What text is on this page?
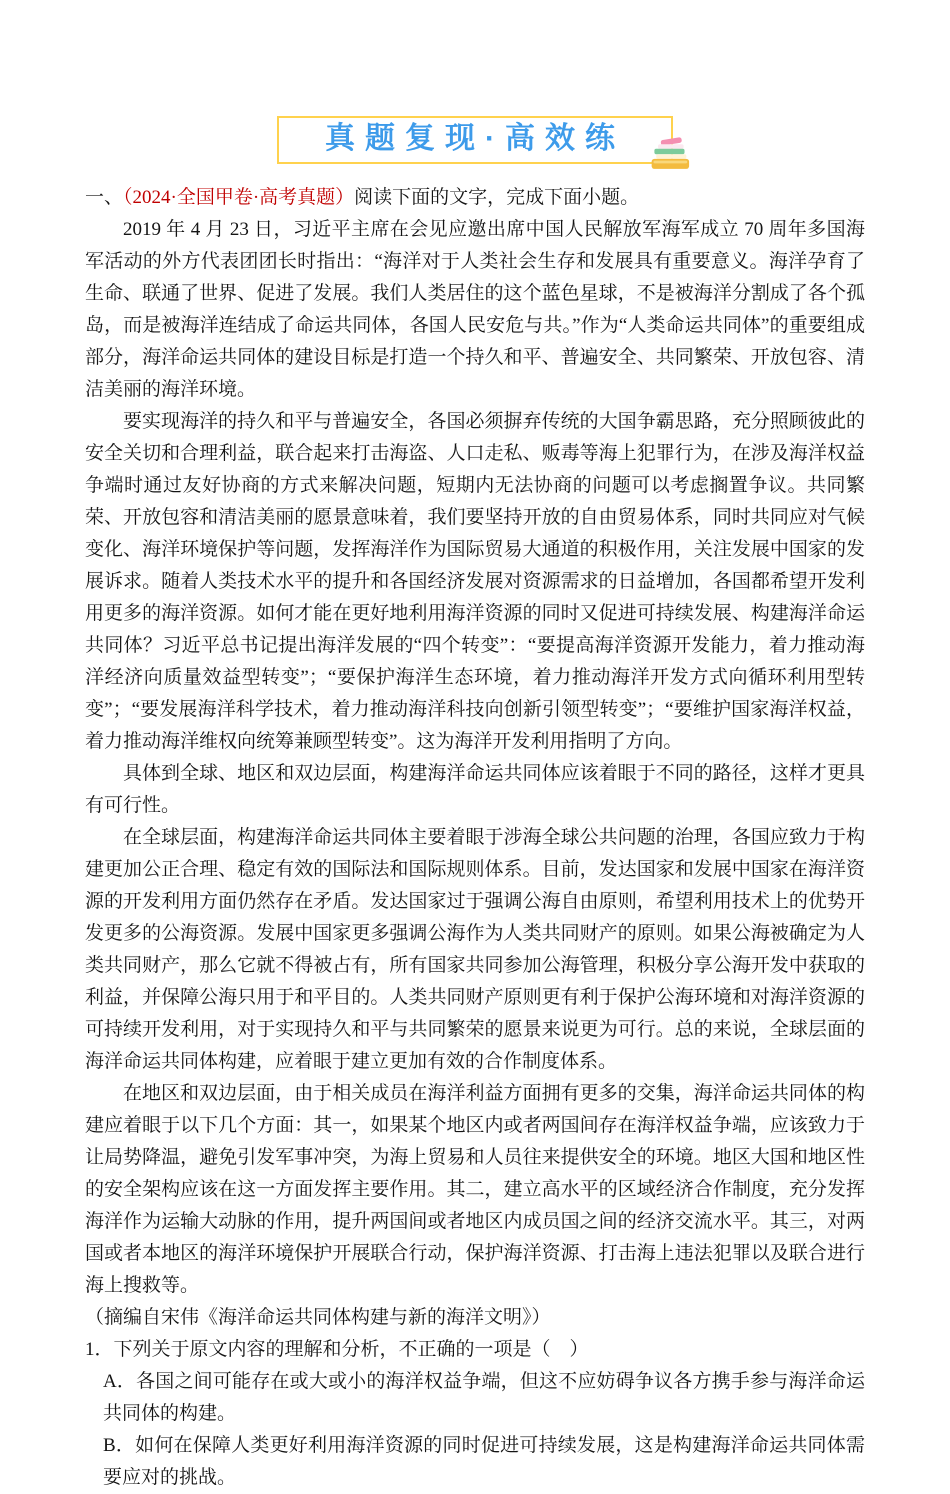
真题复现·高效练

一、（2024·全国甲卷·高考真题）阅读下面的文字，完成下面小题。

2019 年 4 月 23 日，习近平主席在会见应邀出席中国人民解放军海军成立 70 周年多国海军活动的外方代表团团长时指出：“海洋对于人类社会生存和发展具有重要意义。海洋孕育了生命、联通了世界、促进了发展。我们人类居住的这个蓝色星球，不是被海洋分割成了各个孤岛，而是被海洋连结成了命运共同体，各国人民安危与共。”作为“人类命运共同体”的重要组成部分，海洋命运共同体的建设目标是打造一个持久和平、普遍安全、共同繁荣、开放包容、清洁美丽的海洋环境。

要实现海洋的持久和平与普遍安全，各国必须摒弃传统的大国争霸思路，充分照顾彼此的安全关切和合理利益，联合起来打击海盗、人口走私、贩毒等海上犯罪行为，在涉及海洋权益争端时通过友好协商的方式来解决问题，短期内无法协商的问题可以考虑搁置争议。共同繁荣、开放包容和清洁美丽的愿景意味着，我们要坚持开放的自由贸易体系，同时共同应对气候变化、海洋环境保护等问题，发挥海洋作为国际贸易大通道的积极作用，关注发展中国家的发展诉求。随着人类技术水平的提升和各国经济发展对资源需求的日益增加，各国都希望开发利用更多的海洋资源。如何才能在更好地利用海洋资源的同时又促进可持续发展、构建海洋命运共同体？习近平总书记提出海洋发展的“四个转变”：“要提高海洋资源开发能力，着力推动海洋经济向质量效益型转变”；“要保护海洋生态环境，着力推动海洋开发方式向循环利用型转变”；“要发展海洋科学技术，着力推动海洋科技向创新引领型转变”；“要维护国家海洋权益，着力推动海洋维权向统筹兼顾型转变”。这为海洋开发利用指明了方向。

具体到全球、地区和双边层面，构建海洋命运共同体应该着眼于不同的路径，这样才更具有可行性。

在全球层面，构建海洋命运共同体主要着眼于涉海全球公共问题的治理，各国应致力于构建更加公正合理、稳定有效的国际法和国际规则体系。目前，发达国家和发展中国家在海洋资源的开发利用方面仍然存在矛盾。发达国家过于强调公海自由原则，希望利用技术上的优势开发更多的公海资源。发展中国家更多强调公海作为人类共同财产的原则。如果公海被确定为人类共同财产，那么它就不得被占有，所有国家共同参加公海管理，积极分享公海开发中获取的利益，并保障公海只用于和平目的。人类共同财产原则更有利于保护公海环境和对海洋资源的可持续开发利用，对于实现持久和平与共同繁荣的愿景来说更为可行。总的来说，全球层面的海洋命运共同体构建，应着眼于建立更加有效的合作制度体系。

在地区和双边层面，由于相关成员在海洋利益方面拥有更多的交集，海洋命运共同体的构建应着眼于以下几个方面：其一，如果某个地区内或者两国间存在海洋权益争端，应该致力于让局势降温，避免引发军事冲突，为海上贸易和人员往来提供安全的环境。地区大国和地区性的安全架构应该在这一方面发挥主要作用。其二，建立高水平的区域经济合作制度，充分发挥海洋作为运输大动脉的作用，提升两国间或者地区内成员国之间的经济交流水平。其三，对两国或者本地区的海洋环境保护开展联合行动，保护海洋资源、打击海上违法犯罪以及联合进行海上搜救等。

（摘编自宋伟《海洋命运共同体构建与新的海洋文明》）

1．下列关于原文内容的理解和分析，不正确的一项是（　）

A．各国之间可能存在或大或小的海洋权益争端，但这不应妨碍争议各方携手参与海洋命运共同体的构建。

B．如何在保障人类更好利用海洋资源的同时促进可持续发展，这是构建海洋命运共同体需要应对的挑战。
